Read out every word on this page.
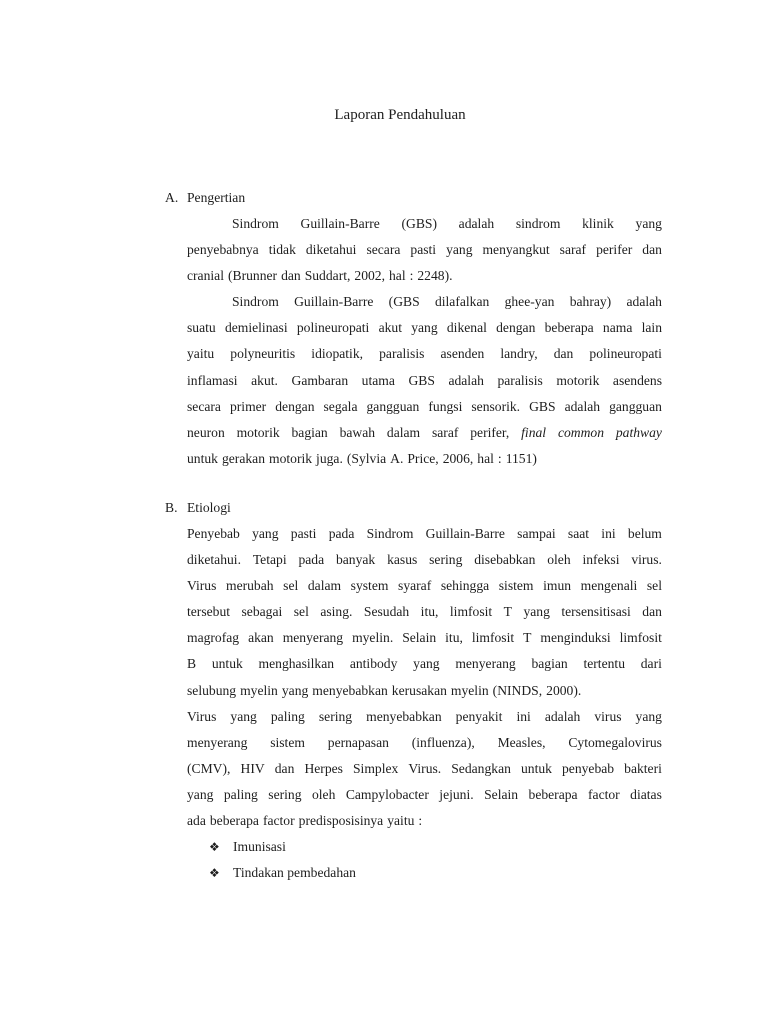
Laporan Pendahuluan
A. Pengertian
Sindrom Guillain-Barre (GBS) adalah sindrom klinik yang
penyebabnya tidak diketahui secara pasti yang menyangkut saraf perifer dan
cranial (Brunner dan Suddart, 2002, hal : 2248).
Sindrom Guillain-Barre (GBS dilafalkan ghee-yan bahray) adalah
suatu demielinasi polineuropati akut yang dikenal dengan beberapa nama lain
yaitu polyneuritis idiopatik, paralisis asenden landry, dan polineuropati
inflamasi akut. Gambaran utama GBS adalah paralisis motorik asendens
secara primer dengan segala gangguan fungsi sensorik. GBS adalah gangguan
neuron motorik bagian bawah dalam saraf perifer, final common pathway
untuk gerakan motorik juga. (Sylvia A. Price, 2006, hal : 1151)
B. Etiologi
Penyebab yang pasti pada Sindrom Guillain-Barre sampai saat ini belum
diketahui. Tetapi pada banyak kasus sering disebabkan oleh infeksi virus.
Virus merubah sel dalam system syaraf sehingga sistem imun mengenali sel
tersebut sebagai sel asing. Sesudah itu, limfosit T yang tersensitisasi dan
magrofag akan menyerang myelin. Selain itu, limfosit T menginduksi limfosit
B untuk menghasilkan antibody yang menyerang bagian tertentu dari
selubung myelin yang menyebabkan kerusakan myelin (NINDS, 2000).
Virus yang paling sering menyebabkan penyakit ini adalah virus yang
menyerang sistem pernapasan (influenza), Measles, Cytomegalovirus
(CMV), HIV dan Herpes Simplex Virus. Sedangkan untuk penyebab bakteri
yang paling sering oleh Campylobacter jejuni. Selain beberapa factor diatas
ada beberapa factor predisposisinya yaitu :
❖ Imunisasi
❖ Tindakan pembedahan
